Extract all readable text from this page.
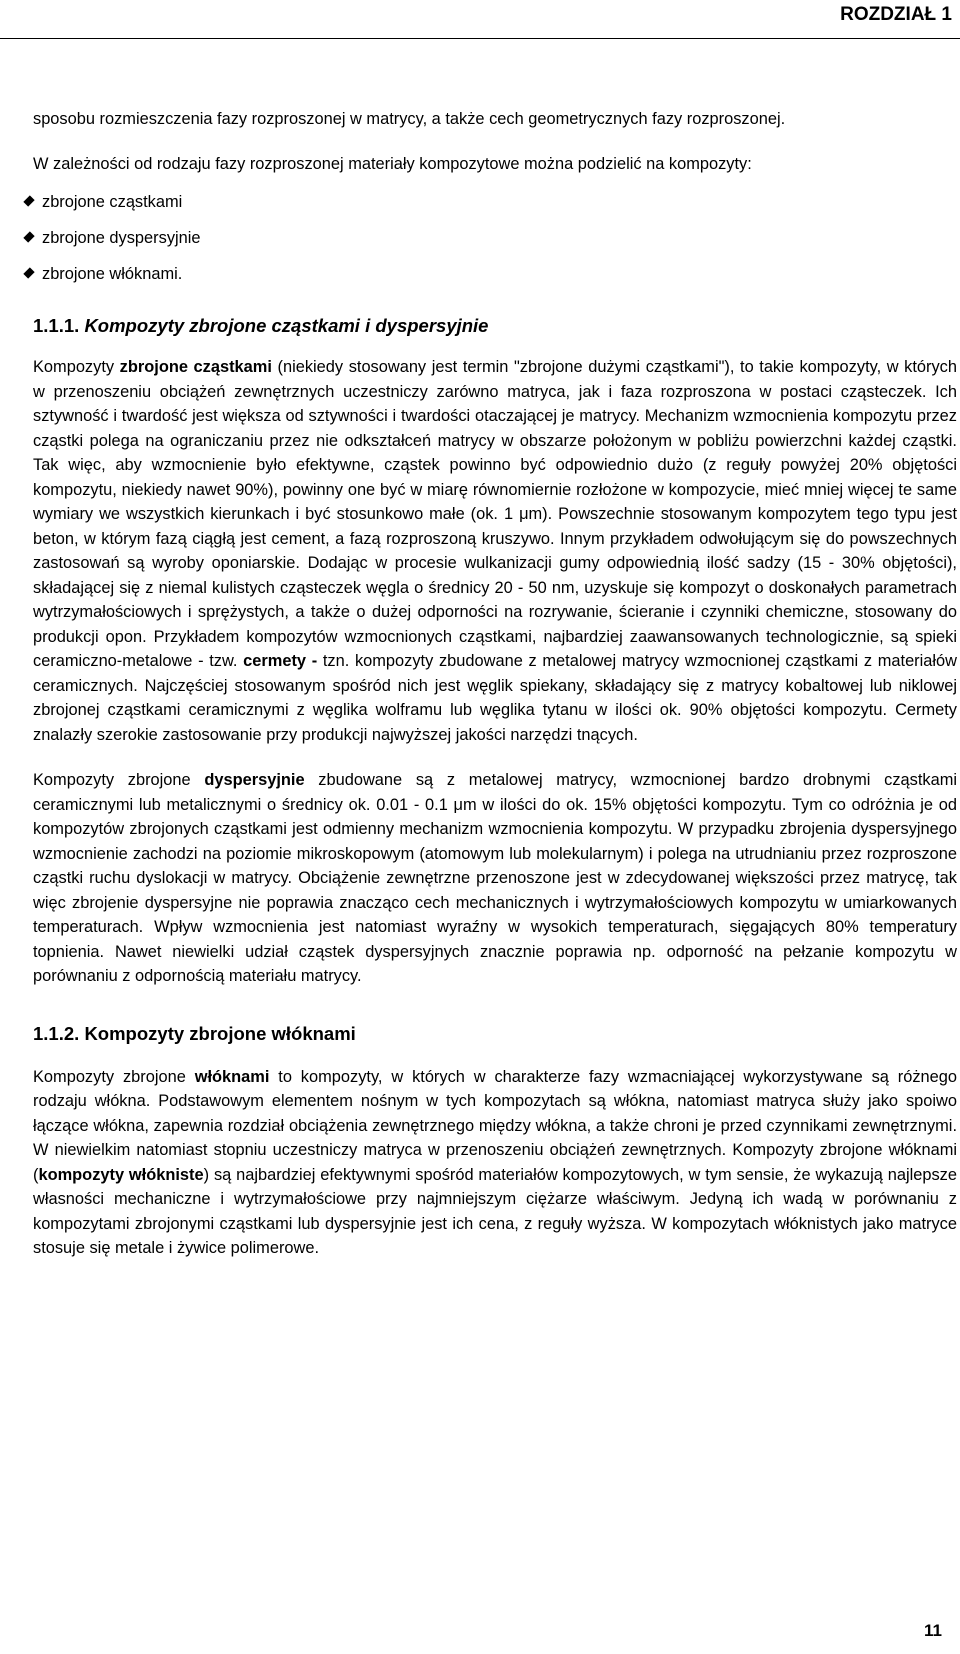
ROZDZIAŁ 1

sposobu rozmieszczenia fazy rozproszonej w matrycy, a także cech geometrycznych fazy rozproszonej.

W zależności od rodzaju fazy rozproszonej materiały kompozytowe można podzielić na kompozyty:

zbrojone cząstkami
zbrojone dyspersyjnie
zbrojone włóknami.
1.1.1. Kompozyty zbrojone cząstkami i dyspersyjnie

Kompozyty zbrojone cząstkami (niekiedy stosowany jest termin "zbrojone dużymi cząstkami"), to takie kompozyty, w których w przenoszeniu obciążeń zewnętrznych uczestniczy zarówno matryca, jak i faza rozproszona w postaci cząsteczek. Ich sztywność i twardość jest większa od sztywności i twardości otaczającej je matrycy. Mechanizm wzmocnienia kompozytu przez cząstki polega na ograniczaniu przez nie odkształceń matrycy w obszarze położonym w pobliżu powierzchni każdej cząstki. Tak więc, aby wzmocnienie było efektywne, cząstek powinno być odpowiednio dużo (z reguły powyżej 20% objętości kompozytu, niekiedy nawet 90%), powinny one być w miarę równomiernie rozłożone w kompozycie, mieć mniej więcej te same wymiary we wszystkich kierunkach i być stosunkowo małe (ok. 1 μm). Powszechnie stosowanym kompozytem tego typu jest beton, w którym fazą ciągłą jest cement, a fazą rozproszoną kruszywo. Innym przykładem odwołującym się do powszechnych zastosowań są wyroby oponiarskie. Dodając w procesie wulkanizacji gumy odpowiednią ilość sadzy (15 - 30% objętości), składającej się z niemal kulistych cząsteczek węgla o średnicy 20 - 50 nm, uzyskuje się kompozyt o doskonałych parametrach wytrzymałościowych i sprężystych, a także o dużej odporności na rozrywanie, ścieranie i czynniki chemiczne, stosowany do produkcji opon. Przykładem kompozytów wzmocnionych cząstkami, najbardziej zaawansowanych technologicznie, są spieki ceramiczno-metalowe - tzw. cermety - tzn. kompozyty zbudowane z metalowej matrycy wzmocnionej cząstkami z materiałów ceramicznych. Najczęściej stosowanym spośród nich jest węglik spiekany, składający się z matrycy kobaltowej lub niklowej zbrojonej cząstkami ceramicznymi z węglika wolframu lub węglika tytanu w ilości ok. 90% objętości kompozytu. Cermety znalazły szerokie zastosowanie przy produkcji najwyższej jakości narzędzi tnących.

Kompozyty zbrojone dyspersyjnie zbudowane są z metalowej matrycy, wzmocnionej bardzo drobnymi cząstkami ceramicznymi lub metalicznymi o średnicy ok. 0.01 - 0.1 μm w ilości do ok. 15% objętości kompozytu. Tym co odróżnia je od kompozytów zbrojonych cząstkami jest odmienny mechanizm wzmocnienia kompozytu. W przypadku zbrojenia dyspersyjnego wzmocnienie zachodzi na poziomie mikroskopowym (atomowym lub molekularnym) i polega na utrudnianiu przez rozproszone cząstki ruchu dyslokacji w matrycy. Obciążenie zewnętrzne przenoszone jest w zdecydowanej większości przez matrycę, tak więc zbrojenie dyspersyjne nie poprawia znacząco cech mechanicznych i wytrzymałościowych kompozytu w umiarkowanych temperaturach. Wpływ wzmocnienia jest natomiast wyraźny w wysokich temperaturach, sięgających 80% temperatury topnienia. Nawet niewielki udział cząstek dyspersyjnych znacznie poprawia np. odporność na pełzanie kompozytu w porównaniu z odpornością materiału matrycy.

1.1.2. Kompozyty zbrojone włóknami

Kompozyty zbrojone włóknami to kompozyty, w których w charakterze fazy wzmacniającej wykorzystywane są różnego rodzaju włókna. Podstawowym elementem nośnym w tych kompozytach są włókna, natomiast matryca służy jako spoiwo łączące włókna, zapewnia rozdział obciążenia zewnętrznego między włókna, a także chroni je przed czynnikami zewnętrznymi. W niewielkim natomiast stopniu uczestniczy matryca w przenoszeniu obciążeń zewnętrznych. Kompozyty zbrojone włóknami (kompozyty włókniste) są najbardziej efektywnymi spośród materiałów kompozytowych, w tym sensie, że wykazują najlepsze własności mechaniczne i wytrzymałościowe przy najmniejszym ciężarze właściwym. Jedyną ich wadą w porównaniu z kompozytami zbrojonymi cząstkami lub dyspersyjnie jest ich cena, z reguły wyższa. W kompozytach włóknistych jako matryce stosuje się metale i żywice polimerowe.

11
